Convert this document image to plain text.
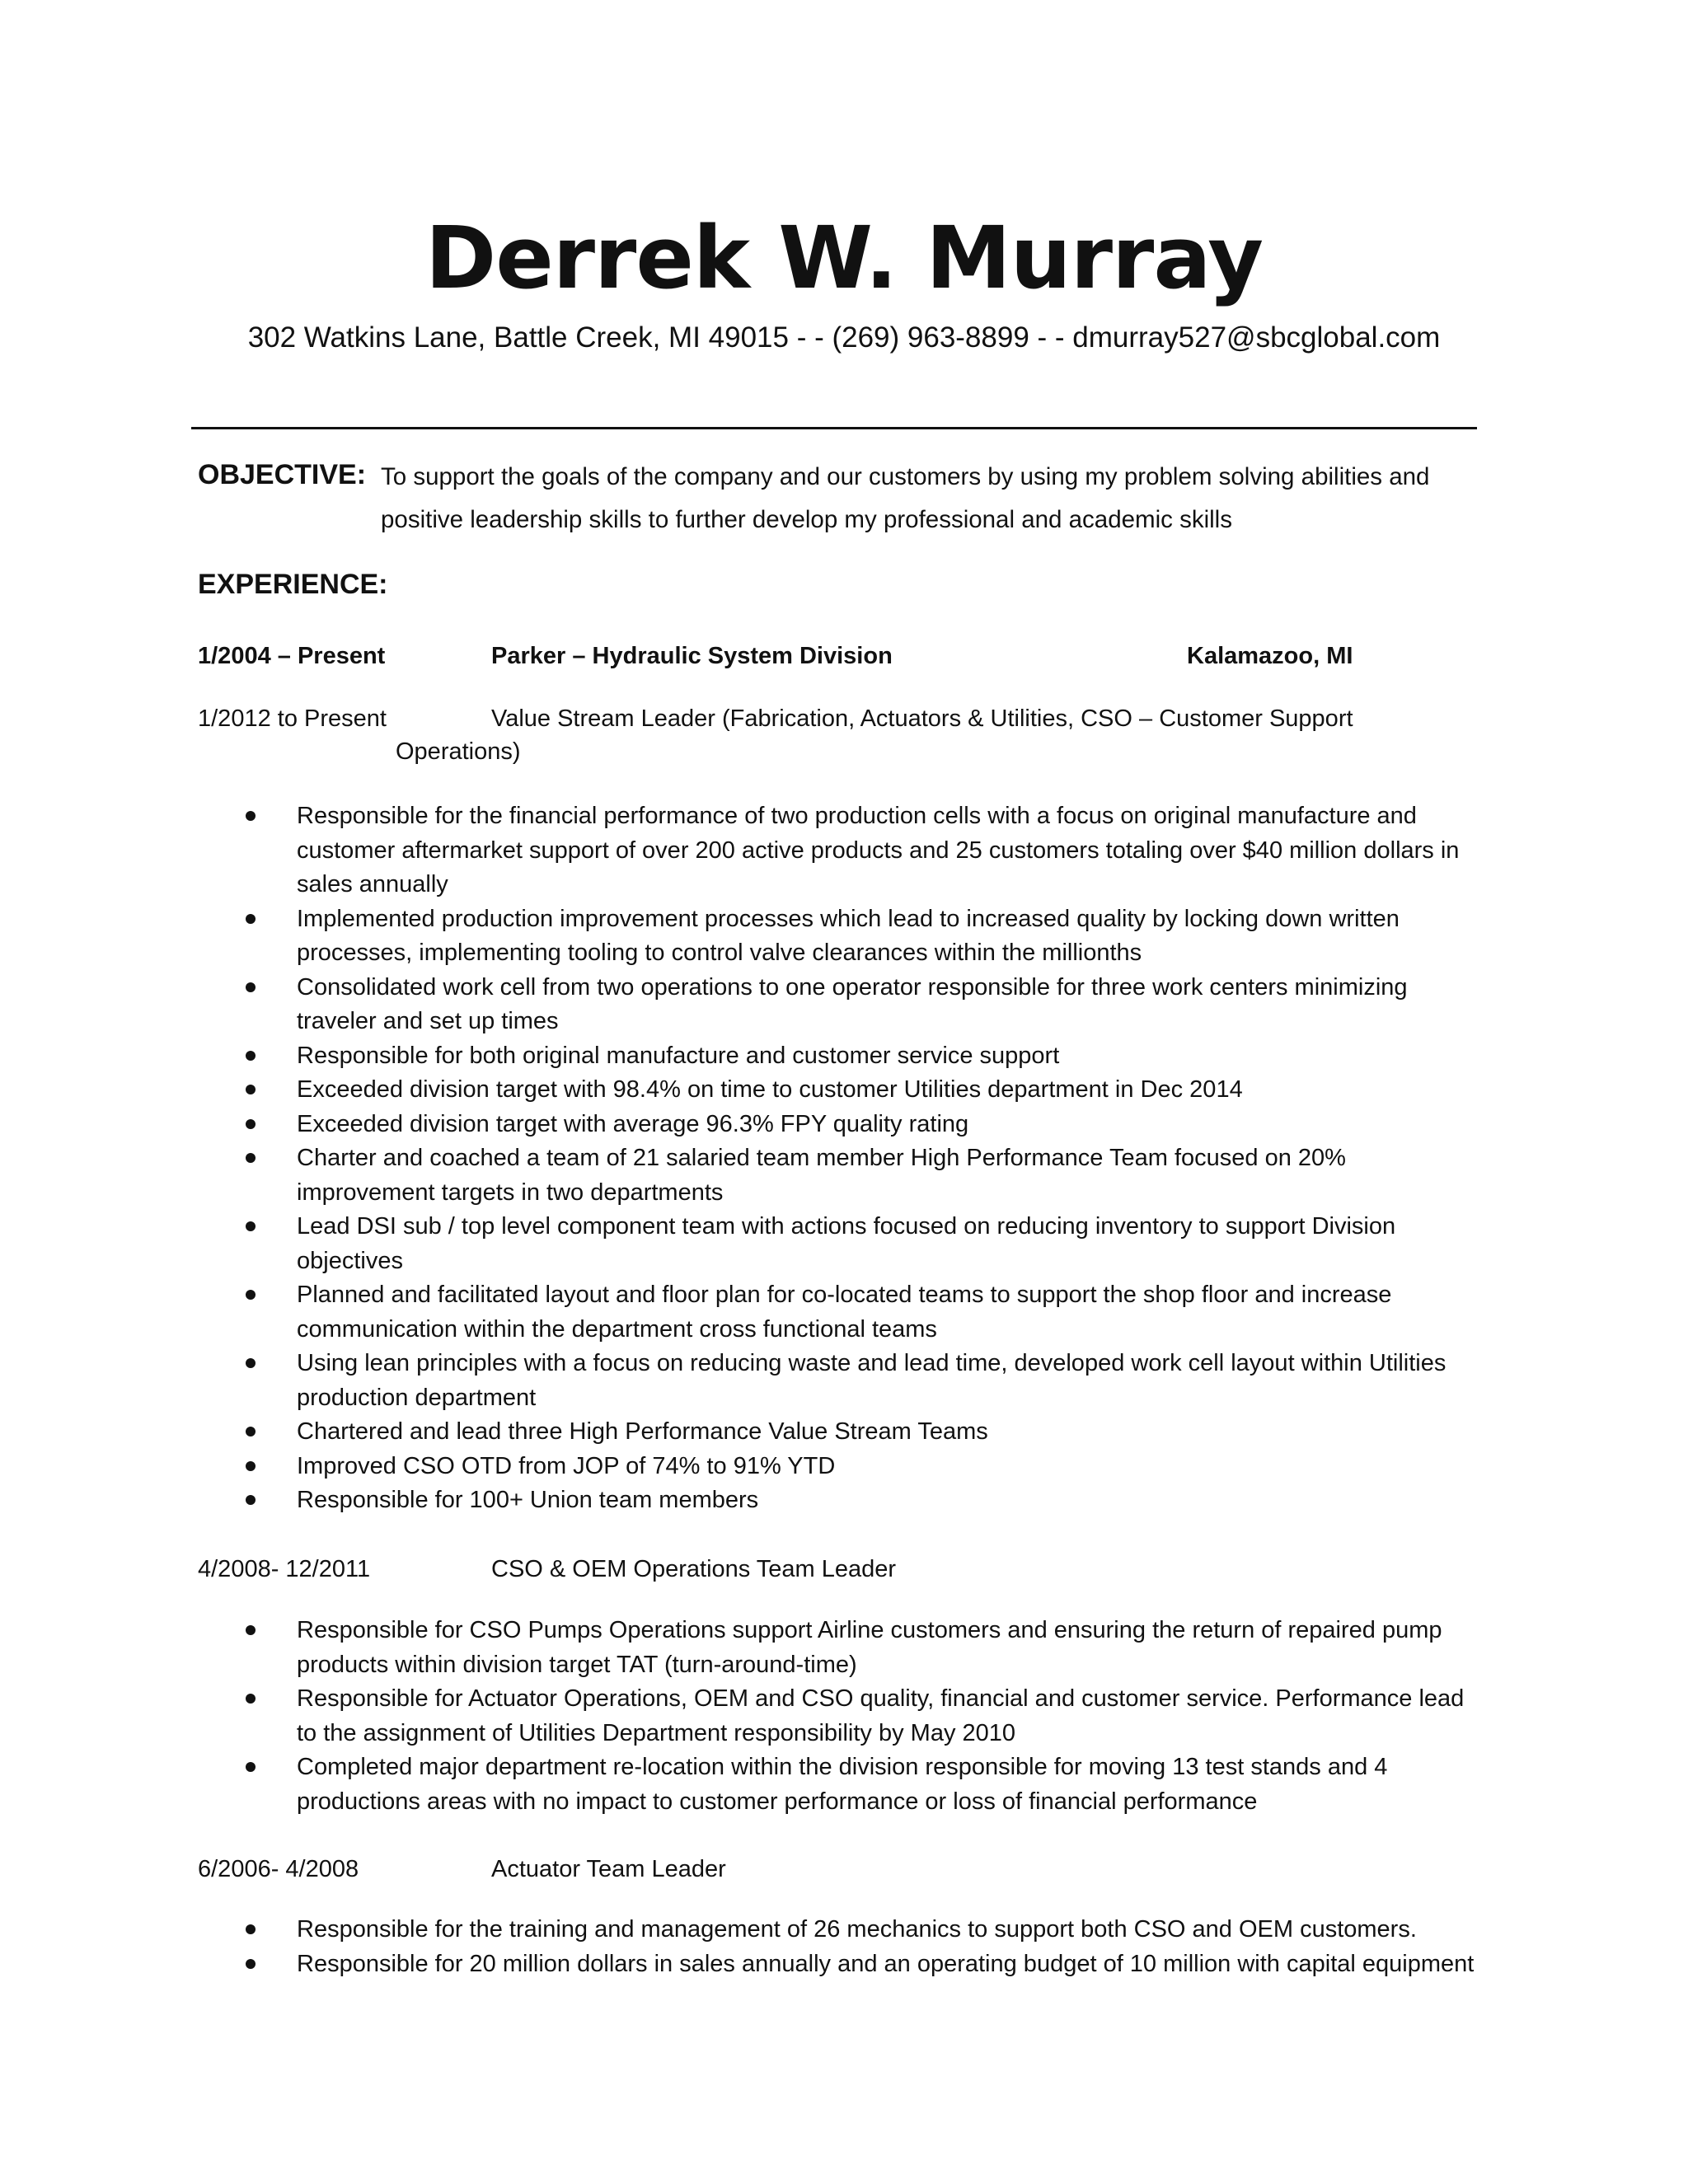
Derrek W. Murray
302 Watkins Lane, Battle Creek, MI 49015 - - (269) 963-8899 - - dmurray527@sbcglobal.com
OBJECTIVE: To support the goals of the company and our customers by using my problem solving abilities and
positive leadership skills to further develop my professional and academic skills
EXPERIENCE:
1/2004 – Present	Parker – Hydraulic System Division	Kalamazoo, MI
1/2012 to Present	Value Stream Leader (Fabrication, Actuators & Utilities, CSO – Customer Support
Operations)
Responsible for the financial performance of two production cells with a focus on original manufacture and customer aftermarket support of over 200 active products and 25 customers totaling over $40 million dollars in sales annually
Implemented production improvement processes which lead to increased quality by locking down written processes, implementing tooling to control valve clearances within the millionths
Consolidated work cell from two operations to one operator responsible for three work centers minimizing traveler and set up times
Responsible for both original manufacture and customer service support
Exceeded division target with 98.4% on time to customer Utilities department in Dec 2014
Exceeded division target with average 96.3% FPY quality rating
Charter and coached a team of 21 salaried team member High Performance Team focused on 20% improvement targets in two departments
Lead DSI sub / top level component team with actions focused on reducing inventory to support Division objectives
Planned and facilitated layout and floor plan for co-located teams to support the shop floor and increase communication within the department cross functional teams
Using lean principles with a focus on reducing waste and lead time, developed work cell layout within Utilities production department
Chartered and lead three High Performance Value Stream Teams
Improved CSO OTD from JOP of 74% to 91% YTD
Responsible for 100+ Union team members
4/2008- 12/2011	CSO & OEM Operations Team Leader
Responsible for CSO Pumps Operations support Airline customers and ensuring the return of repaired pump products within division target TAT (turn-around-time)
Responsible for Actuator Operations, OEM and CSO quality, financial and customer service. Performance lead to the assignment of Utilities Department responsibility by May 2010
Completed major department re-location within the division responsible for moving 13 test stands and 4 productions areas with no impact to customer performance or loss of financial performance
6/2006- 4/2008	Actuator Team Leader
Responsible for the training and management of 26 mechanics to support both CSO and OEM customers.
Responsible for 20 million dollars in sales annually and an operating budget of 10 million with capital equipment
